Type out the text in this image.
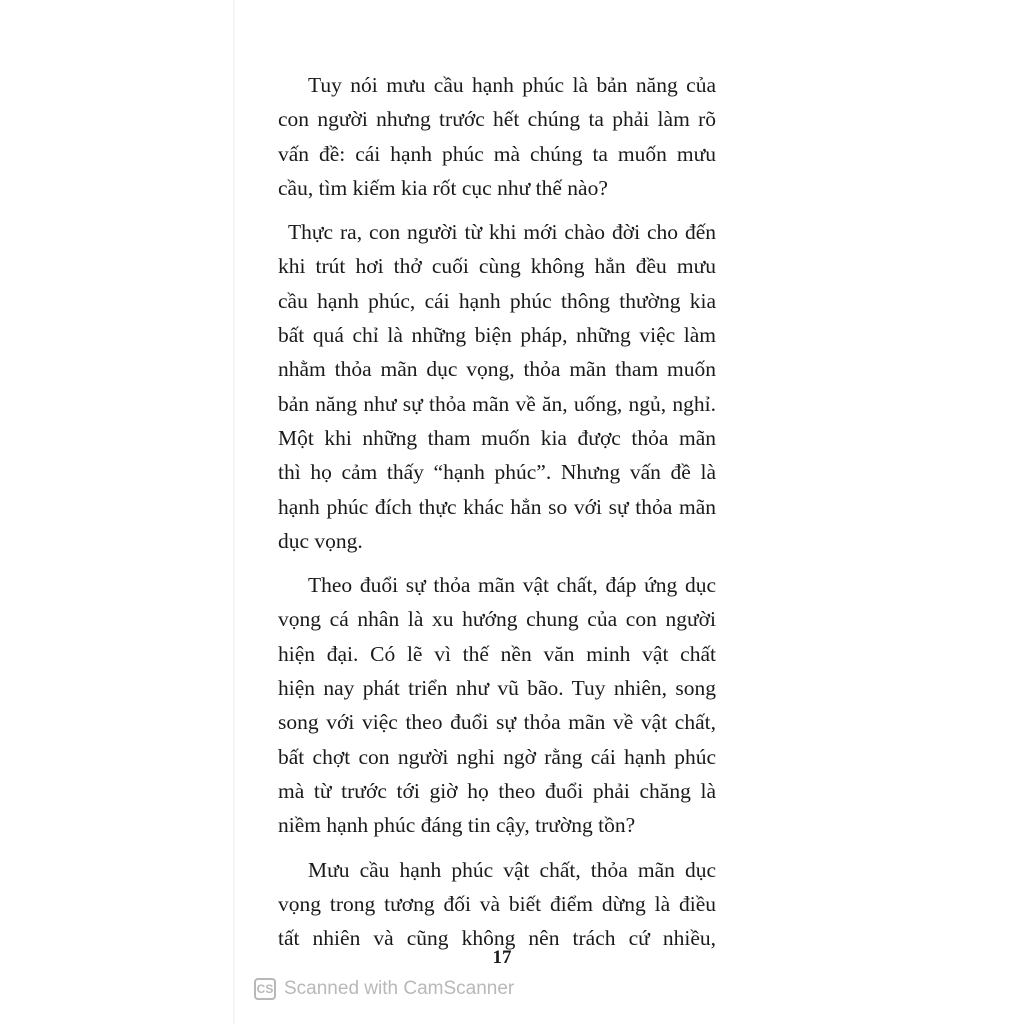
Tuy nói mưu cầu hạnh phúc là bản năng của
con người nhưng trước hết chúng ta phải làm rõ
vấn đề: cái hạnh phúc mà chúng ta muốn mưu
cầu, tìm kiếm kia rốt cục như thế nào?
Thực ra, con người từ khi mới chào đời cho đến
khi trút hơi thở cuối cùng không hẳn đều mưu
cầu hạnh phúc, cái hạnh phúc thông thường kia
bất quá chỉ là những biện pháp, những việc làm
nhằm thỏa mãn dục vọng, thỏa mãn tham muốn
bản năng như sự thỏa mãn về ăn, uống, ngủ, nghỉ.
Một khi những tham muốn kia được thỏa mãn
thì họ cảm thấy “hạnh phúc”. Nhưng vấn đề là
hạnh phúc đích thực khác hẳn so với sự thỏa mãn
dục vọng.
Theo đuổi sự thỏa mãn vật chất, đáp ứng dục
vọng cá nhân là xu hướng chung của con người
hiện đại. Có lẽ vì thế nền văn minh vật chất
hiện nay phát triển như vũ bão. Tuy nhiên, song
song với việc theo đuổi sự thỏa mãn về vật chất,
bất chợt con người nghi ngờ rằng cái hạnh phúc
mà từ trước tới giờ họ theo đuổi phải chăng là
niềm hạnh phúc đáng tin cậy, trường tồn?
Mưu cầu hạnh phúc vật chất, thỏa mãn dục
vọng trong tương đối và biết điểm dừng là điều
tất nhiên và cũng không nên trách cứ nhiều,
17
CS Scanned with CamScanner
